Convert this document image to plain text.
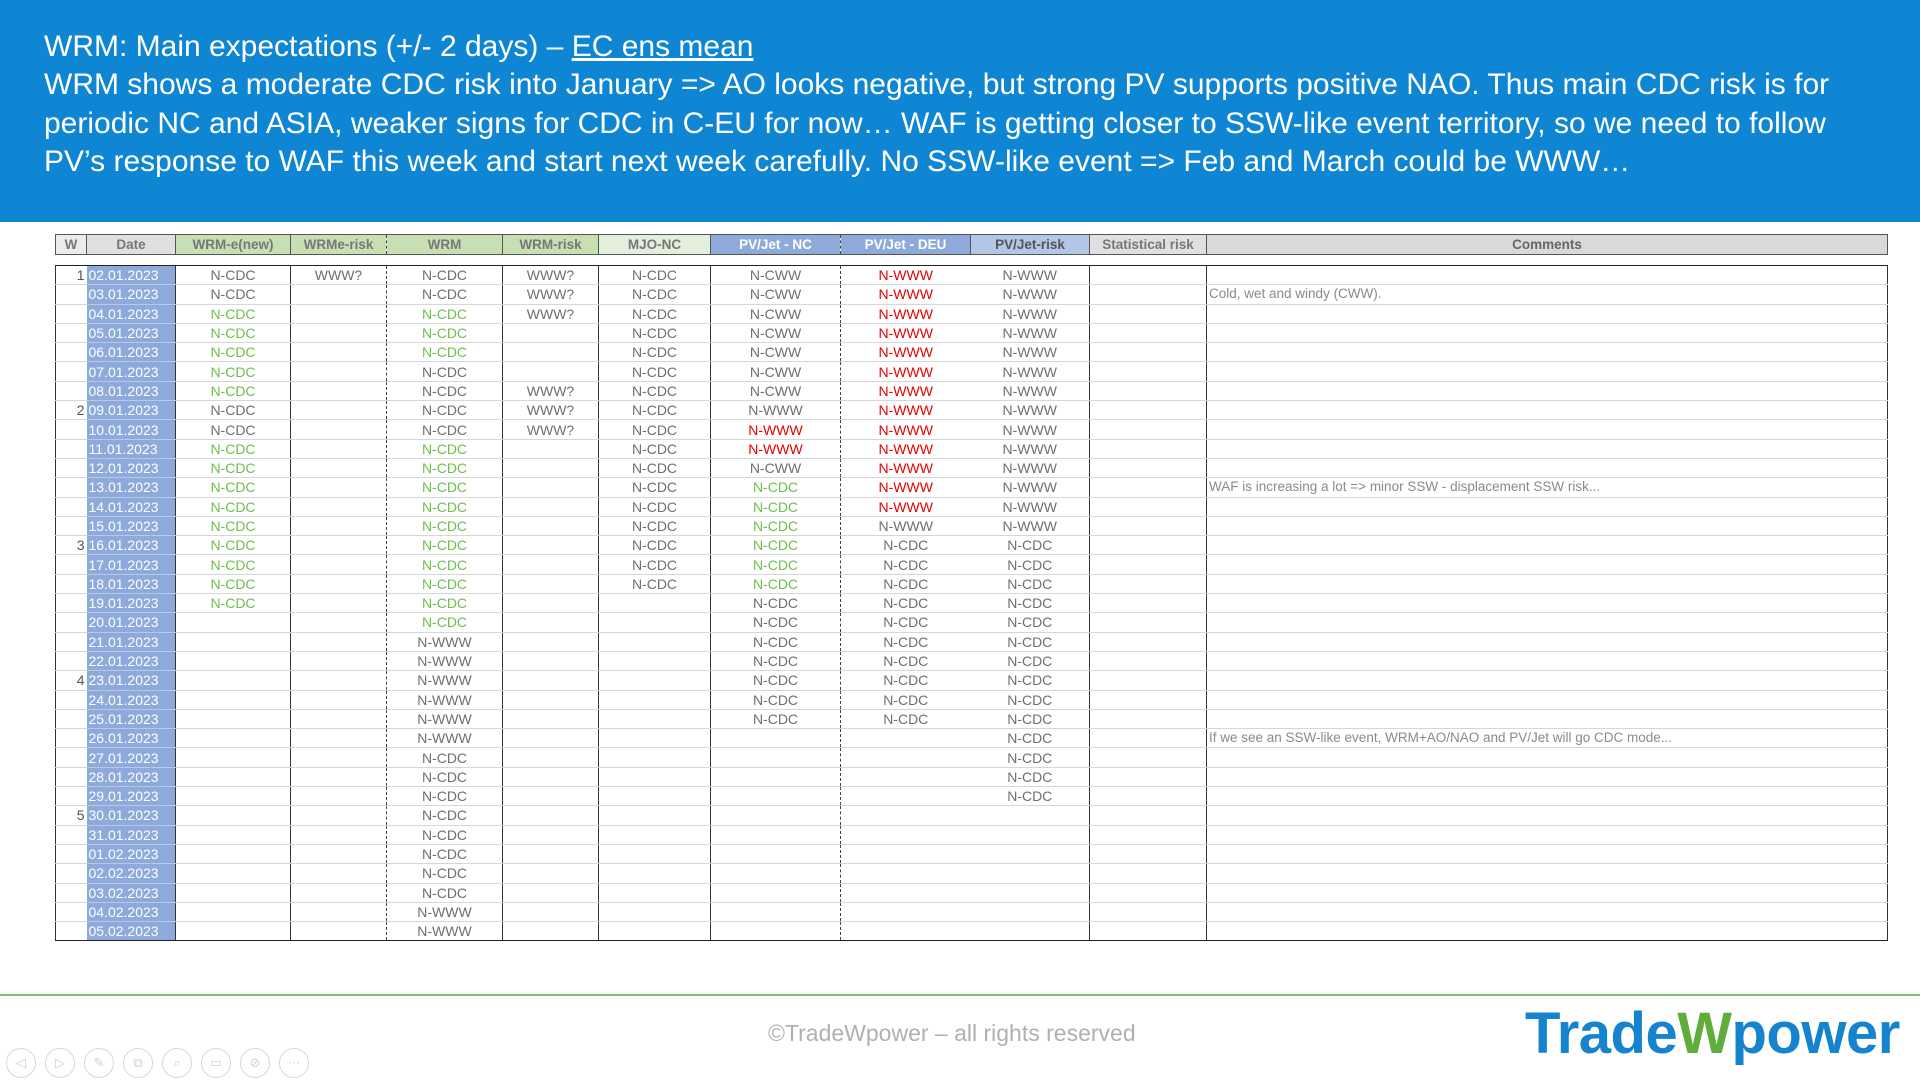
WRM: Main expectations (+/- 2 days) – EC ens mean
WRM shows a moderate CDC risk into January => AO looks negative, but strong PV supports positive NAO. Thus main CDC risk is for periodic NC and ASIA, weaker signs for CDC in C-EU for now… WAF is getting closer to SSW-like event territory, so we need to follow PV’s response to WAF this week and start next week carefully. No SSW-like event => Feb and March could be WWW…
W	Date	WRM-e(new)	WRMe-risk	WRM	WRM-risk	MJO-NC	PV/Jet - NC	PV/Jet - DEU	PV/Jet-risk	Statistical risk	Comments

1	02.01.2023	N-CDC	WWW?	N-CDC	WWW?	N-CDC	N-CWW	N-WWW	N-WWW		
	03.01.2023	N-CDC		N-CDC	WWW?	N-CDC	N-CWW	N-WWW	N-WWW		Cold, wet and windy (CWW).
	04.01.2023	N-CDC		N-CDC	WWW?	N-CDC	N-CWW	N-WWW	N-WWW		
	05.01.2023	N-CDC		N-CDC		N-CDC	N-CWW	N-WWW	N-WWW		
	06.01.2023	N-CDC		N-CDC		N-CDC	N-CWW	N-WWW	N-WWW		
	07.01.2023	N-CDC		N-CDC		N-CDC	N-CWW	N-WWW	N-WWW		
	08.01.2023	N-CDC		N-CDC	WWW?	N-CDC	N-CWW	N-WWW	N-WWW		
2	09.01.2023	N-CDC		N-CDC	WWW?	N-CDC	N-WWW	N-WWW	N-WWW		
	10.01.2023	N-CDC		N-CDC	WWW?	N-CDC	N-WWW	N-WWW	N-WWW		
	11.01.2023	N-CDC		N-CDC		N-CDC	N-WWW	N-WWW	N-WWW		
	12.01.2023	N-CDC		N-CDC		N-CDC	N-CWW	N-WWW	N-WWW		
	13.01.2023	N-CDC		N-CDC		N-CDC	N-CDC	N-WWW	N-WWW		WAF is increasing a lot => minor SSW - displacement SSW risk...
	14.01.2023	N-CDC		N-CDC		N-CDC	N-CDC	N-WWW	N-WWW		
	15.01.2023	N-CDC		N-CDC		N-CDC	N-CDC	N-WWW	N-WWW		
3	16.01.2023	N-CDC		N-CDC		N-CDC	N-CDC	N-CDC	N-CDC		
	17.01.2023	N-CDC		N-CDC		N-CDC	N-CDC	N-CDC	N-CDC		
	18.01.2023	N-CDC		N-CDC		N-CDC	N-CDC	N-CDC	N-CDC		
	19.01.2023	N-CDC		N-CDC			N-CDC	N-CDC	N-CDC		
	20.01.2023			N-CDC			N-CDC	N-CDC	N-CDC		
	21.01.2023			N-WWW			N-CDC	N-CDC	N-CDC		
	22.01.2023			N-WWW			N-CDC	N-CDC	N-CDC		
4	23.01.2023			N-WWW			N-CDC	N-CDC	N-CDC		
	24.01.2023			N-WWW			N-CDC	N-CDC	N-CDC		
	25.01.2023			N-WWW			N-CDC	N-CDC	N-CDC		
	26.01.2023			N-WWW					N-CDC		If we see an SSW-like event, WRM+AO/NAO and PV/Jet will go CDC mode...
	27.01.2023			N-CDC					N-CDC		
	28.01.2023			N-CDC					N-CDC		
	29.01.2023			N-CDC					N-CDC		
5	30.01.2023			N-CDC							
	31.01.2023			N-CDC							
	01.02.2023			N-CDC							
	02.02.2023			N-CDC							
	03.02.2023			N-CDC							
	04.02.2023			N-WWW							
	05.02.2023			N-WWW							
©TradeWpower – all rights reserved	TradeWpower
◁	▷	✎	⧉	⌕	▭	⊘	⋯
